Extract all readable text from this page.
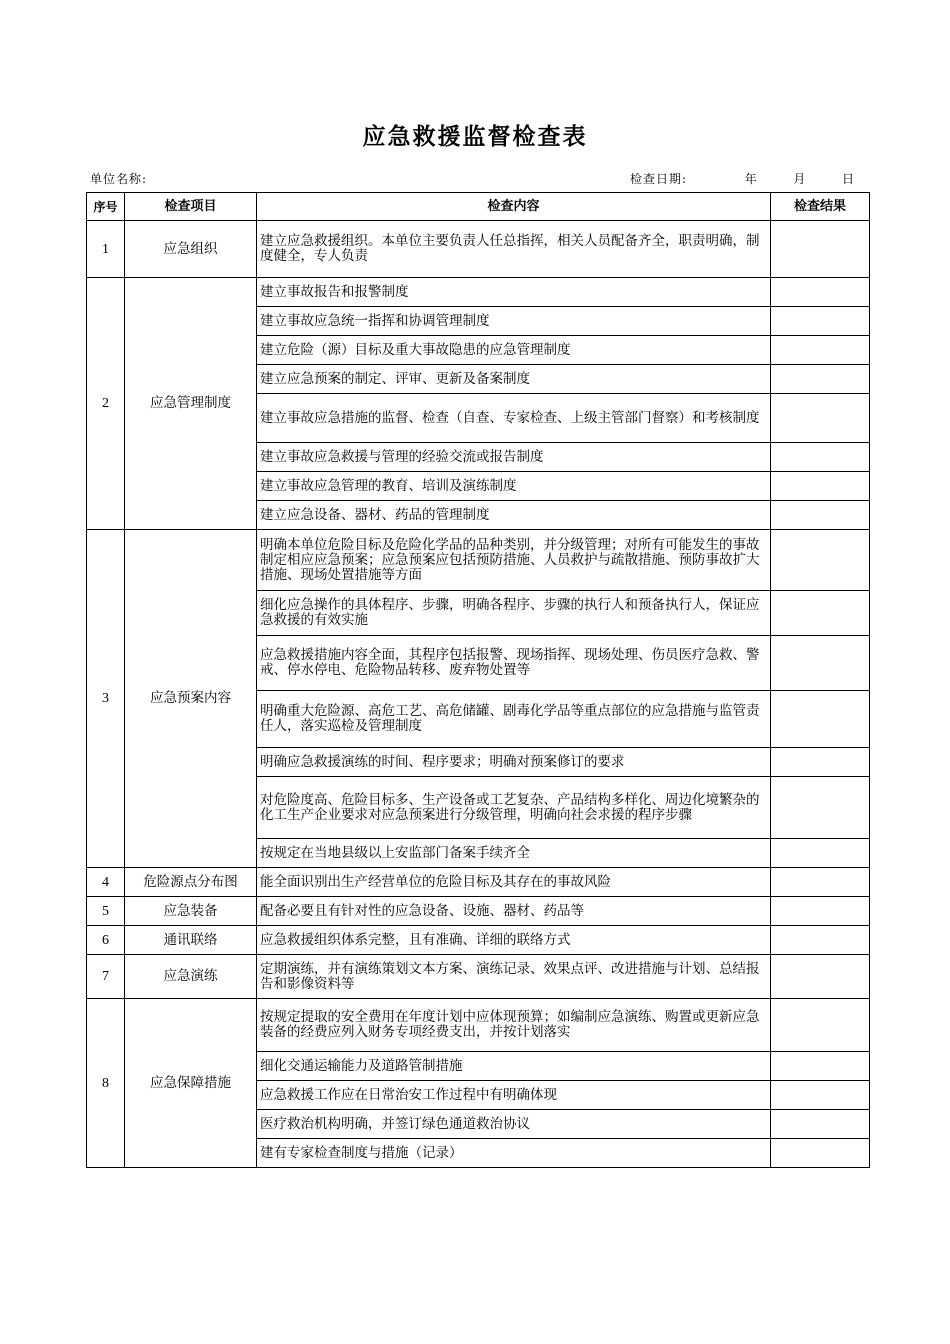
应急救援监督检查表
单位名称:	检查日期:	年	月	日
序号	检查项目	检查内容	检查结果
1	应急组织	建立应急救援组织。本单位主要负责人任总指挥，相关人员配备齐全，职责明确，制度健全，专人负责	
2	应急管理制度	建立事故报告和报警制度	
		建立事故应急统一指挥和协调管理制度	
		建立危险（源）目标及重大事故隐患的应急管理制度	
		建立应急预案的制定、评审、更新及备案制度	
		建立事故应急措施的监督、检查（自查、专家检查、上级主管部门督察）和考核制度	
		建立事故应急救援与管理的经验交流或报告制度	
		建立事故应急管理的教育、培训及演练制度	
		建立应急设备、器材、药品的管理制度	
3	应急预案内容	明确本单位危险目标及危险化学品的品种类别，并分级管理；对所有可能发生的事故制定相应应急预案；应急预案应包括预防措施、人员救护与疏散措施、预防事故扩大措施、现场处置措施等方面	
		细化应急操作的具体程序、步骤，明确各程序、步骤的执行人和预备执行人，保证应急救援的有效实施	
		应急救援措施内容全面，其程序包括报警、现场指挥、现场处理、伤员医疗急救、警戒、停水停电、危险物品转移、废弃物处置等	
		明确重大危险源、高危工艺、高危储罐、剧毒化学品等重点部位的应急措施与监管责任人，落实巡检及管理制度	
		明确应急救援演练的时间、程序要求；明确对预案修订的要求	
		对危险度高、危险目标多、生产设备或工艺复杂、产品结构多样化、周边化境繁杂的化工生产企业要求对应急预案进行分级管理，明确向社会求援的程序步骤	
		按规定在当地县级以上安监部门备案手续齐全	
4	危险源点分布图	能全面识别出生产经营单位的危险目标及其存在的事故风险	
5	应急装备	配备必要且有针对性的应急设备、设施、器材、药品等	
6	通讯联络	应急救援组织体系完整，且有准确、详细的联络方式	
7	应急演练	定期演练，并有演练策划文本方案、演练记录、效果点评、改进措施与计划、总结报告和影像资料等	
8	应急保障措施	按规定提取的安全费用在年度计划中应体现预算；如编制应急演练、购置或更新应急装备的经费应列入财务专项经费支出，并按计划落实	
		细化交通运输能力及道路管制措施	
		应急救援工作应在日常治安工作过程中有明确体现	
		医疗救治机构明确，并签订绿色通道救治协议	
		建有专家检查制度与措施（记录）	
